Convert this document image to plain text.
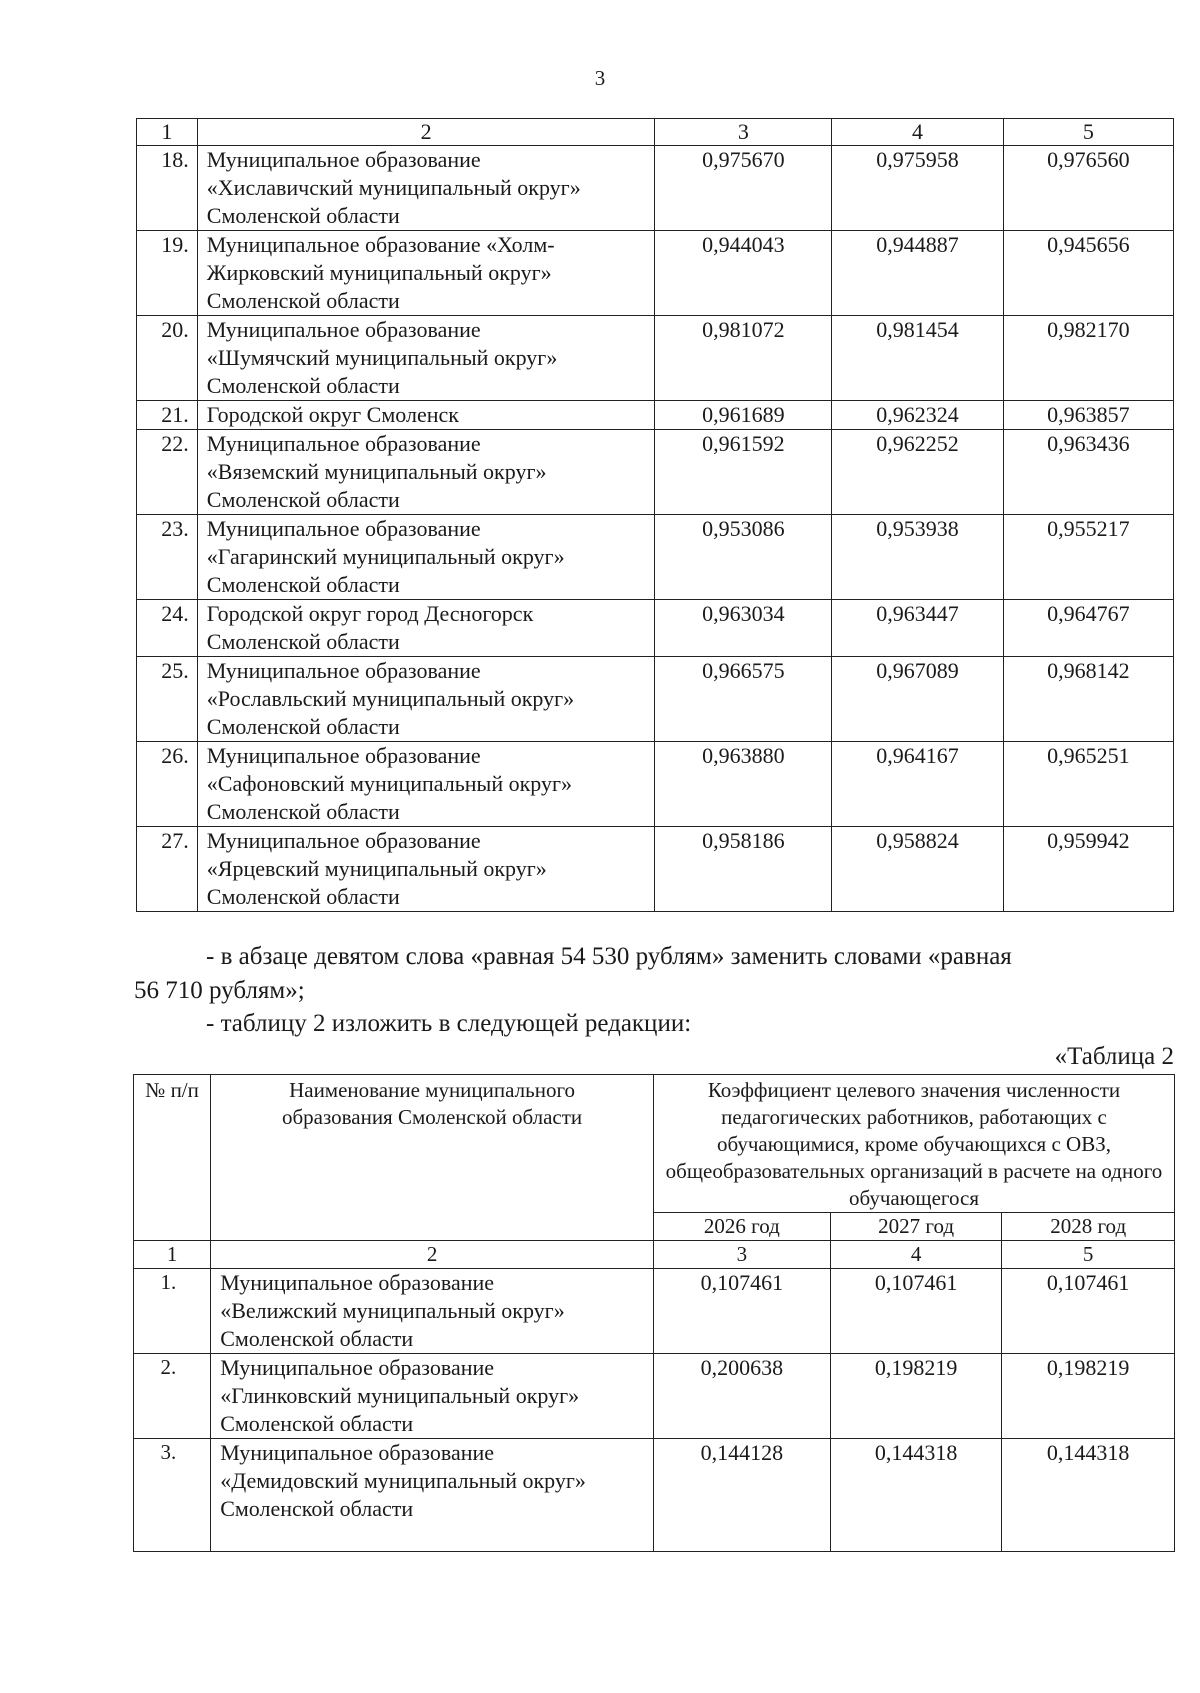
3
1	2	3	4	5
18.	Муниципальное образование
«Хиславичский муниципальный округ»
Смоленской области	0,975670	0,975958	0,976560
19.	Муниципальное образование «Холм-
Жирковский муниципальный округ»
Смоленской области	0,944043	0,944887	0,945656
20.	Муниципальное образование
«Шумячский муниципальный округ»
Смоленской области	0,981072	0,981454	0,982170
21.	Городской округ Смоленск	0,961689	0,962324	0,963857
22.	Муниципальное образование
«Вяземский муниципальный округ»
Смоленской области	0,961592	0,962252	0,963436
23.	Муниципальное образование
«Гагаринский муниципальный округ»
Смоленской области	0,953086	0,953938	0,955217
24.	Городской округ город Десногорск
Смоленской области	0,963034	0,963447	0,964767
25.	Муниципальное образование
«Рославльский муниципальный округ»
Смоленской области	0,966575	0,967089	0,968142
26.	Муниципальное образование
«Сафоновский муниципальный округ»
Смоленской области	0,963880	0,964167	0,965251
27.	Муниципальное образование
«Ярцевский муниципальный округ»
Смоленской области	0,958186	0,958824	0,959942
- в абзаце девятом слова «равная 54 530 рублям» заменить словами «равная
56 710 рублям»;
- таблицу 2 изложить в следующей редакции:
«Таблица 2
№ п/п	Наименование муниципального образования Смоленской области	Коэффициент целевого значения численности педагогических работников, работающих с обучающимися, кроме обучающихся с ОВЗ, общеобразовательных организаций в расчете на одного обучающегося		
		2026 год	2027 год	2028 год
1	2	3	4	5
1.	Муниципальное образование
«Велижский муниципальный округ»
Смоленской области	0,107461	0,107461	0,107461
2.	Муниципальное образование
«Глинковский муниципальный округ»
Смоленской области	0,200638	0,198219	0,198219
3.	Муниципальное образование
«Демидовский муниципальный округ»
Смоленской области	0,144128	0,144318	0,144318
